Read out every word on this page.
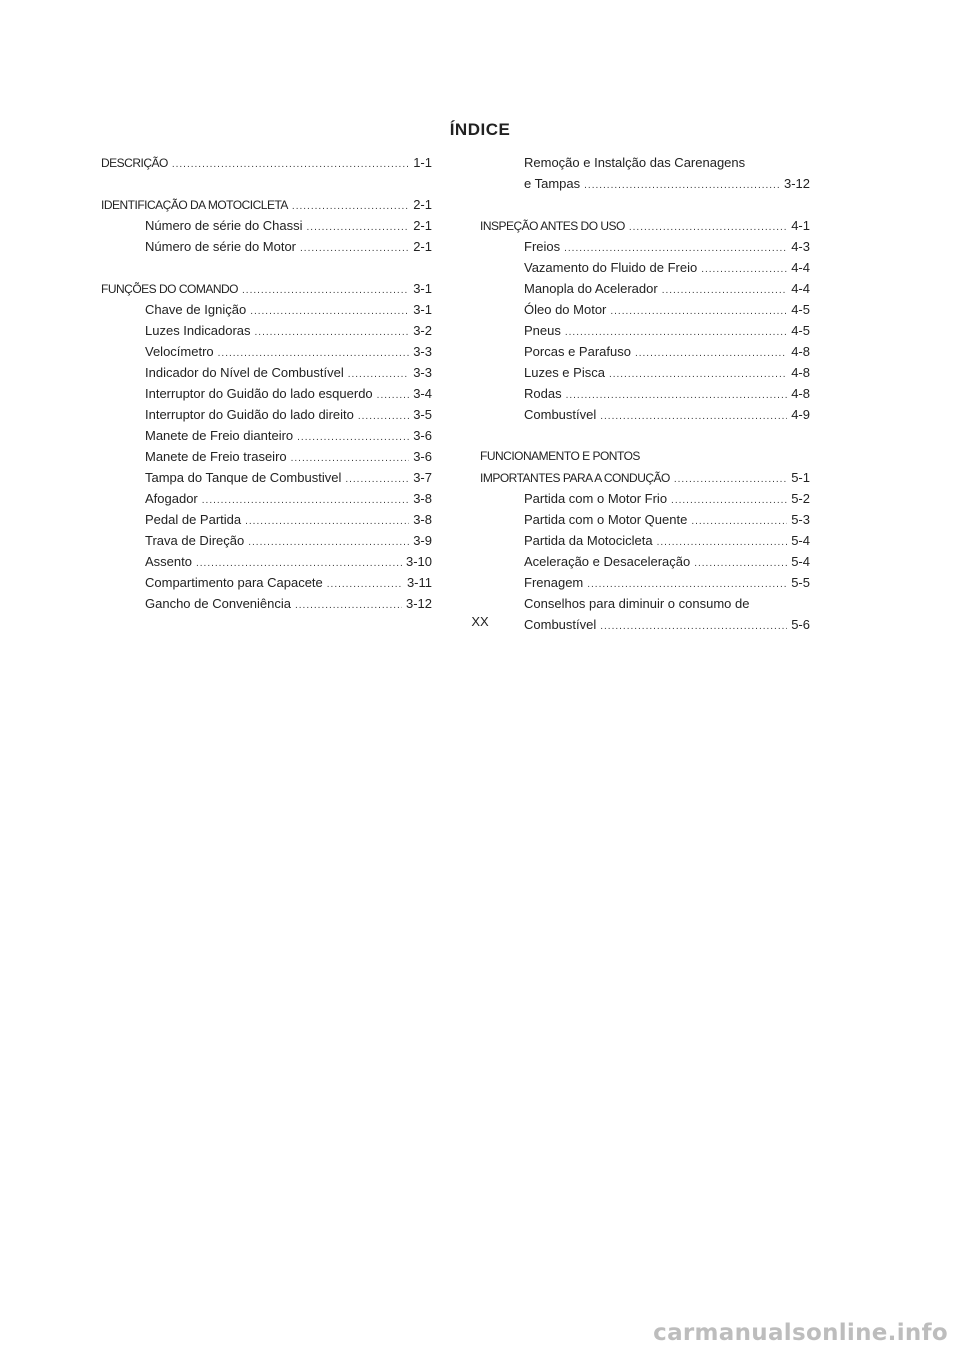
ÍNDICE
DESCRIÇÃO .....	1-1
IDENTIFICAÇÃO DA MOTOCICLETA .....	2-1
Número de série do Chassi .....	2-1
Número de série do Motor .....	2-1
FUNÇÕES DO COMANDO .....	3-1
Chave de Ignição .....	3-1
Luzes Indicadoras .....	3-2
Velocímetro .....	3-3
Indicador do Nível de Combustível .....	3-3
Interruptor do Guidão do lado esquerdo .....	3-4
Interruptor do Guidão do lado direito .....	3-5
Manete de Freio dianteiro .....	3-6
Manete de Freio traseiro .....	3-6
Tampa do Tanque de Combustivel .....	3-7
Afogador .....	3-8
Pedal de Partida .....	3-8
Trava de Direção .....	3-9
Assento .....	3-10
Compartimento para Capacete .....	3-11
Gancho de Conveniência .....	3-12
Remoção e Instalção das Carenagens
e Tampas .....	3-12
INSPEÇÃO ANTES DO USO .....	4-1
Freios .....	4-3
Vazamento do Fluido de Freio .....	4-4
Manopla do Acelerador .....	4-4
Óleo do Motor .....	4-5
Pneus .....	4-5
Porcas e Parafuso .....	4-8
Luzes e Pisca .....	4-8
Rodas .....	4-8
Combustível .....	4-9
FUNCIONAMENTO E PONTOS
IMPORTANTES PARA A CONDUÇÃO .....	5-1
Partida com o Motor Frio .....	5-2
Partida com o Motor Quente .....	5-3
Partida da Motocicleta .....	5-4
Aceleração e Desaceleração .....	5-4
Frenagem .....	5-5
Conselhos para diminuir o consumo de
Combustível .....	5-6
XX
carmanualsonline.info
